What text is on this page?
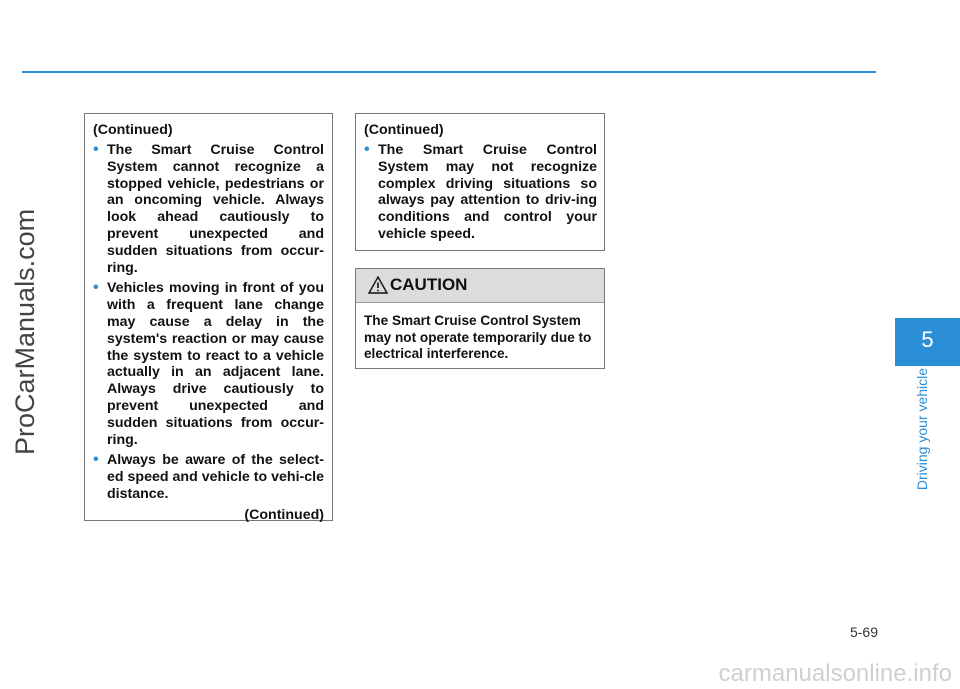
ProCarManuals.com
(Continued)
• The Smart Cruise Control System cannot recognize a stopped vehicle, pedestrians or an oncoming vehicle. Always look ahead cautiously to prevent unexpected and sudden situations from occur-ring.
• Vehicles moving in front of you with a frequent lane change may cause a delay in the system's reaction or may cause the system to react to a vehicle actually in an adjacent lane. Always drive cautiously to prevent unexpected and sudden situations from occur-ring.
• Always be aware of the select-ed speed and vehicle to vehi-cle distance.
(Continued)
(Continued)
• The Smart Cruise Control System may not recognize complex driving situations so always pay attention to driv-ing conditions and control your vehicle speed.
CAUTION
The Smart Cruise Control System may not operate temporarily due to electrical interference.
5
Driving your vehicle
5-69
carmanualsonline.info
